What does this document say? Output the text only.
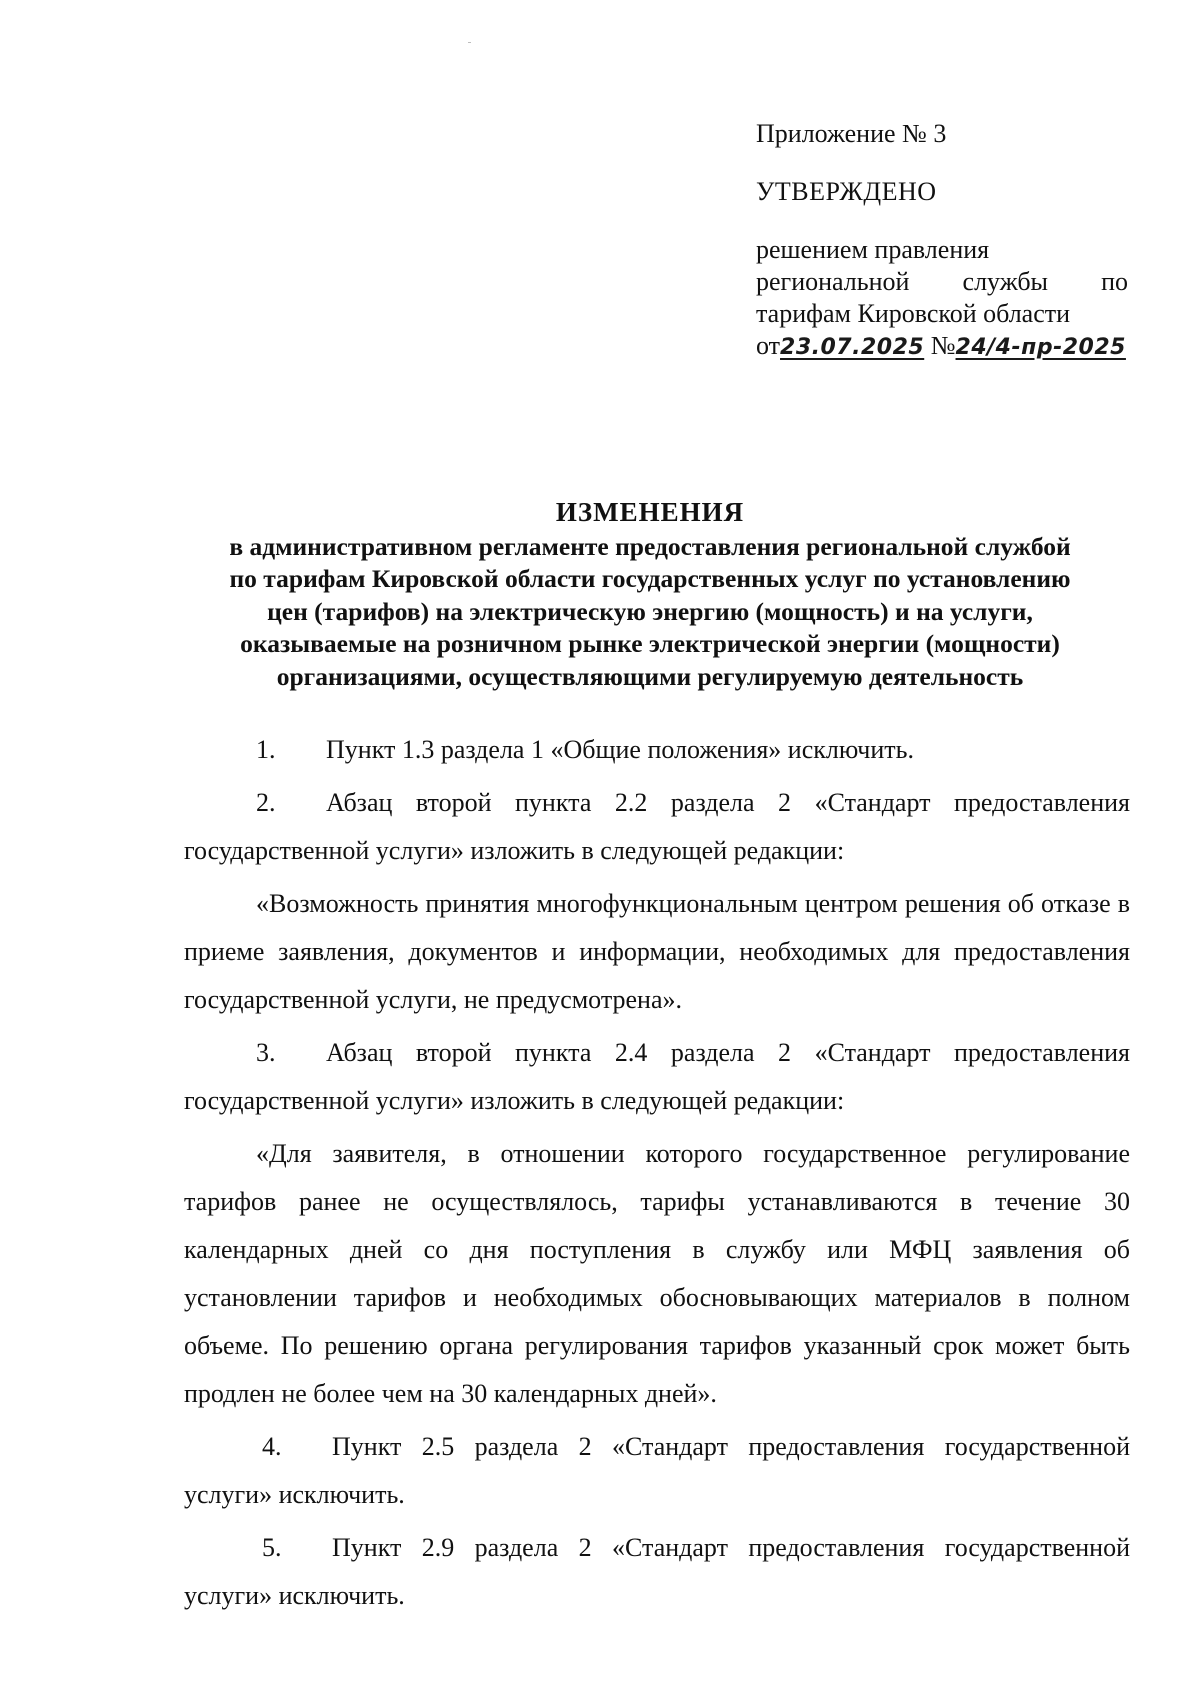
Приложение № 3
УТВЕРЖДЕНО
решением правления
региональной службы по
тарифам Кировской области
от23.07.2025 №24/4-пр-2025
ИЗМЕНЕНИЯ
в административном регламенте предоставления региональной службой
по тарифам Кировской области государственных услуг по установлению
цен (тарифов) на электрическую энергию (мощность) и на услуги,
оказываемые на розничном рынке электрической энергии (мощности)
организациями, осуществляющими регулируемую деятельность

1. Пункт 1.3 раздела 1 «Общие положения» исключить.

2. Абзац второй пункта 2.2 раздела 2 «Стандарт предоставления государственной услуги» изложить в следующей редакции:

«Возможность принятия многофункциональным центром решения об отказе в приеме заявления, документов и информации, необходимых для предоставления государственной услуги, не предусмотрена».

3. Абзац второй пункта 2.4 раздела 2 «Стандарт предоставления государственной услуги» изложить в следующей редакции:

«Для заявителя, в отношении которого государственное регулирование тарифов ранее не осуществлялось, тарифы устанавливаются в течение 30 календарных дней со дня поступления в службу или МФЦ заявления об установлении тарифов и необходимых обосновывающих материалов в полном объеме. По решению органа регулирования тарифов указанный срок может быть продлен не более чем на 30 календарных дней».

4. Пункт 2.5 раздела 2 «Стандарт предоставления государственной услуги» исключить.

5. Пункт 2.9 раздела 2 «Стандарт предоставления государственной услуги» исключить.
